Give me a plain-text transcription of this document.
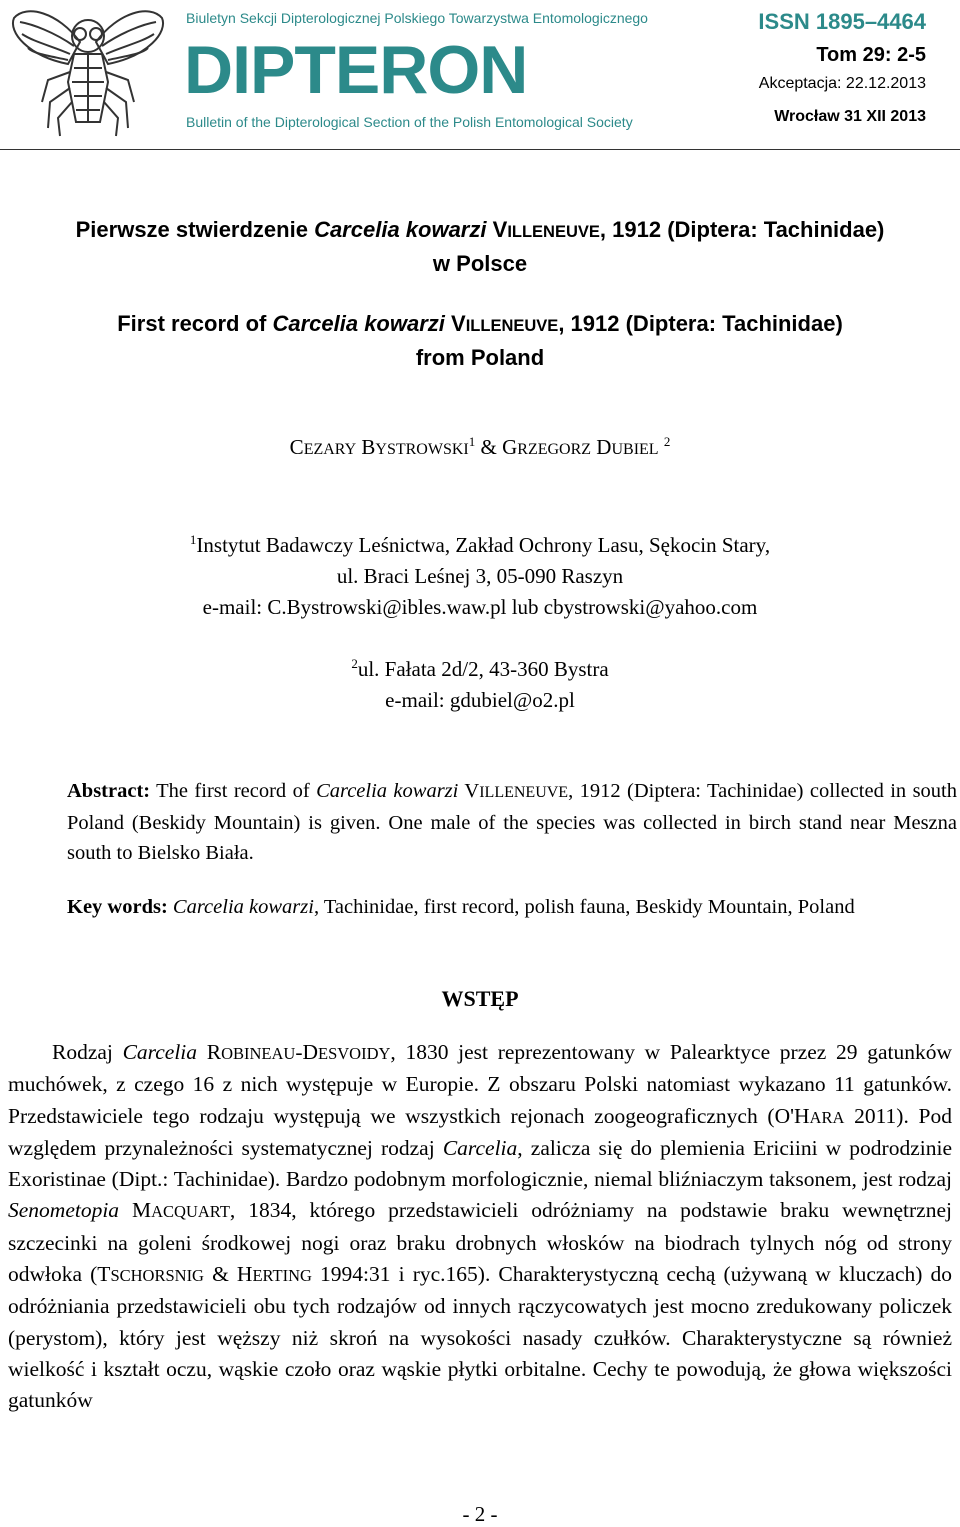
Biuletyn Sekcji Dipterologicznej Polskiego Towarzystwa Entomologicznego
DIPTERON
Bulletin of the Dipterological Section of the Polish Entomological Society
ISSN 1895–4464
Tom 29: 2-5
Akceptacja: 22.12.2013
Wrocław 31 XII 2013
Pierwsze stwierdzenie Carcelia kowarzi VILLENEUVE, 1912 (Diptera: Tachinidae)
w Polsce
First record of Carcelia kowarzi VILLENEUVE, 1912 (Diptera: Tachinidae)
from Poland
CEZARY BYSTROWSKI$^1$ & GRZEGORZ DUBIEL $^2$
$^1$Instytut Badawczy Leśnictwa, Zakład Ochrony Lasu, Sękocin Stary,
ul. Braci Leśnej 3, 05-090 Raszyn
e-mail: C.Bystrowski@ibles.waw.pl lub cbystrowski@yahoo.com
$^2$ul. Fałata 2d/2, 43-360 Bystra
e-mail: gdubiel@o2.pl
Abstract: The first record of Carcelia kowarzi VILLENEUVE, 1912 (Diptera: Tachinidae) collected in south Poland (Beskidy Mountain) is given. One male of the species was collected in birch stand near Meszna south to Bielsko Biała.
Key words: Carcelia kowarzi, Tachinidae, first record, polish fauna, Beskidy Mountain, Poland
WSTĘP

Rodzaj Carcelia ROBINEAU-DESVOIDY, 1830 jest reprezentowany w Palearktyce przez 29 gatunków muchówek, z czego 16 z nich występuje w Europie. Z obszaru Polski natomiast wykazano 11 gatunków. Przedstawiciele tego rodzaju występują we wszystkich rejonach zoogeograficznych (O'HARA 2011). Pod względem przynależności systematycznej rodzaj Carcelia, zalicza się do plemienia Ericiini w podrodzinie Exoristinae (Dipt.: Tachinidae). Bardzo podobnym morfologicznie, niemal bliźniaczym taksonem, jest rodzaj Senometopia MACQUART, 1834, którego przedstawicieli odróżniamy na podstawie braku wewnętrznej szczecinki na goleni środkowej nogi oraz braku drobnych włosków na biodrach tylnych nóg od strony odwłoka (TSCHORSNIG & HERTING 1994:31 i ryc.165). Charakterystyczną cechą (używaną w kluczach) do odróżniania przedstawicieli obu tych rodzajów od innych rączycowatych jest mocno zredukowany policzek (perystom), który jest węższy niż skroń na wysokości nasady czułków. Charakterystyczne są również wielkość i kształt oczu, wąskie czoło oraz wąskie płytki orbitalne. Cechy te powodują, że głowa większości gatunków

- 2 -
